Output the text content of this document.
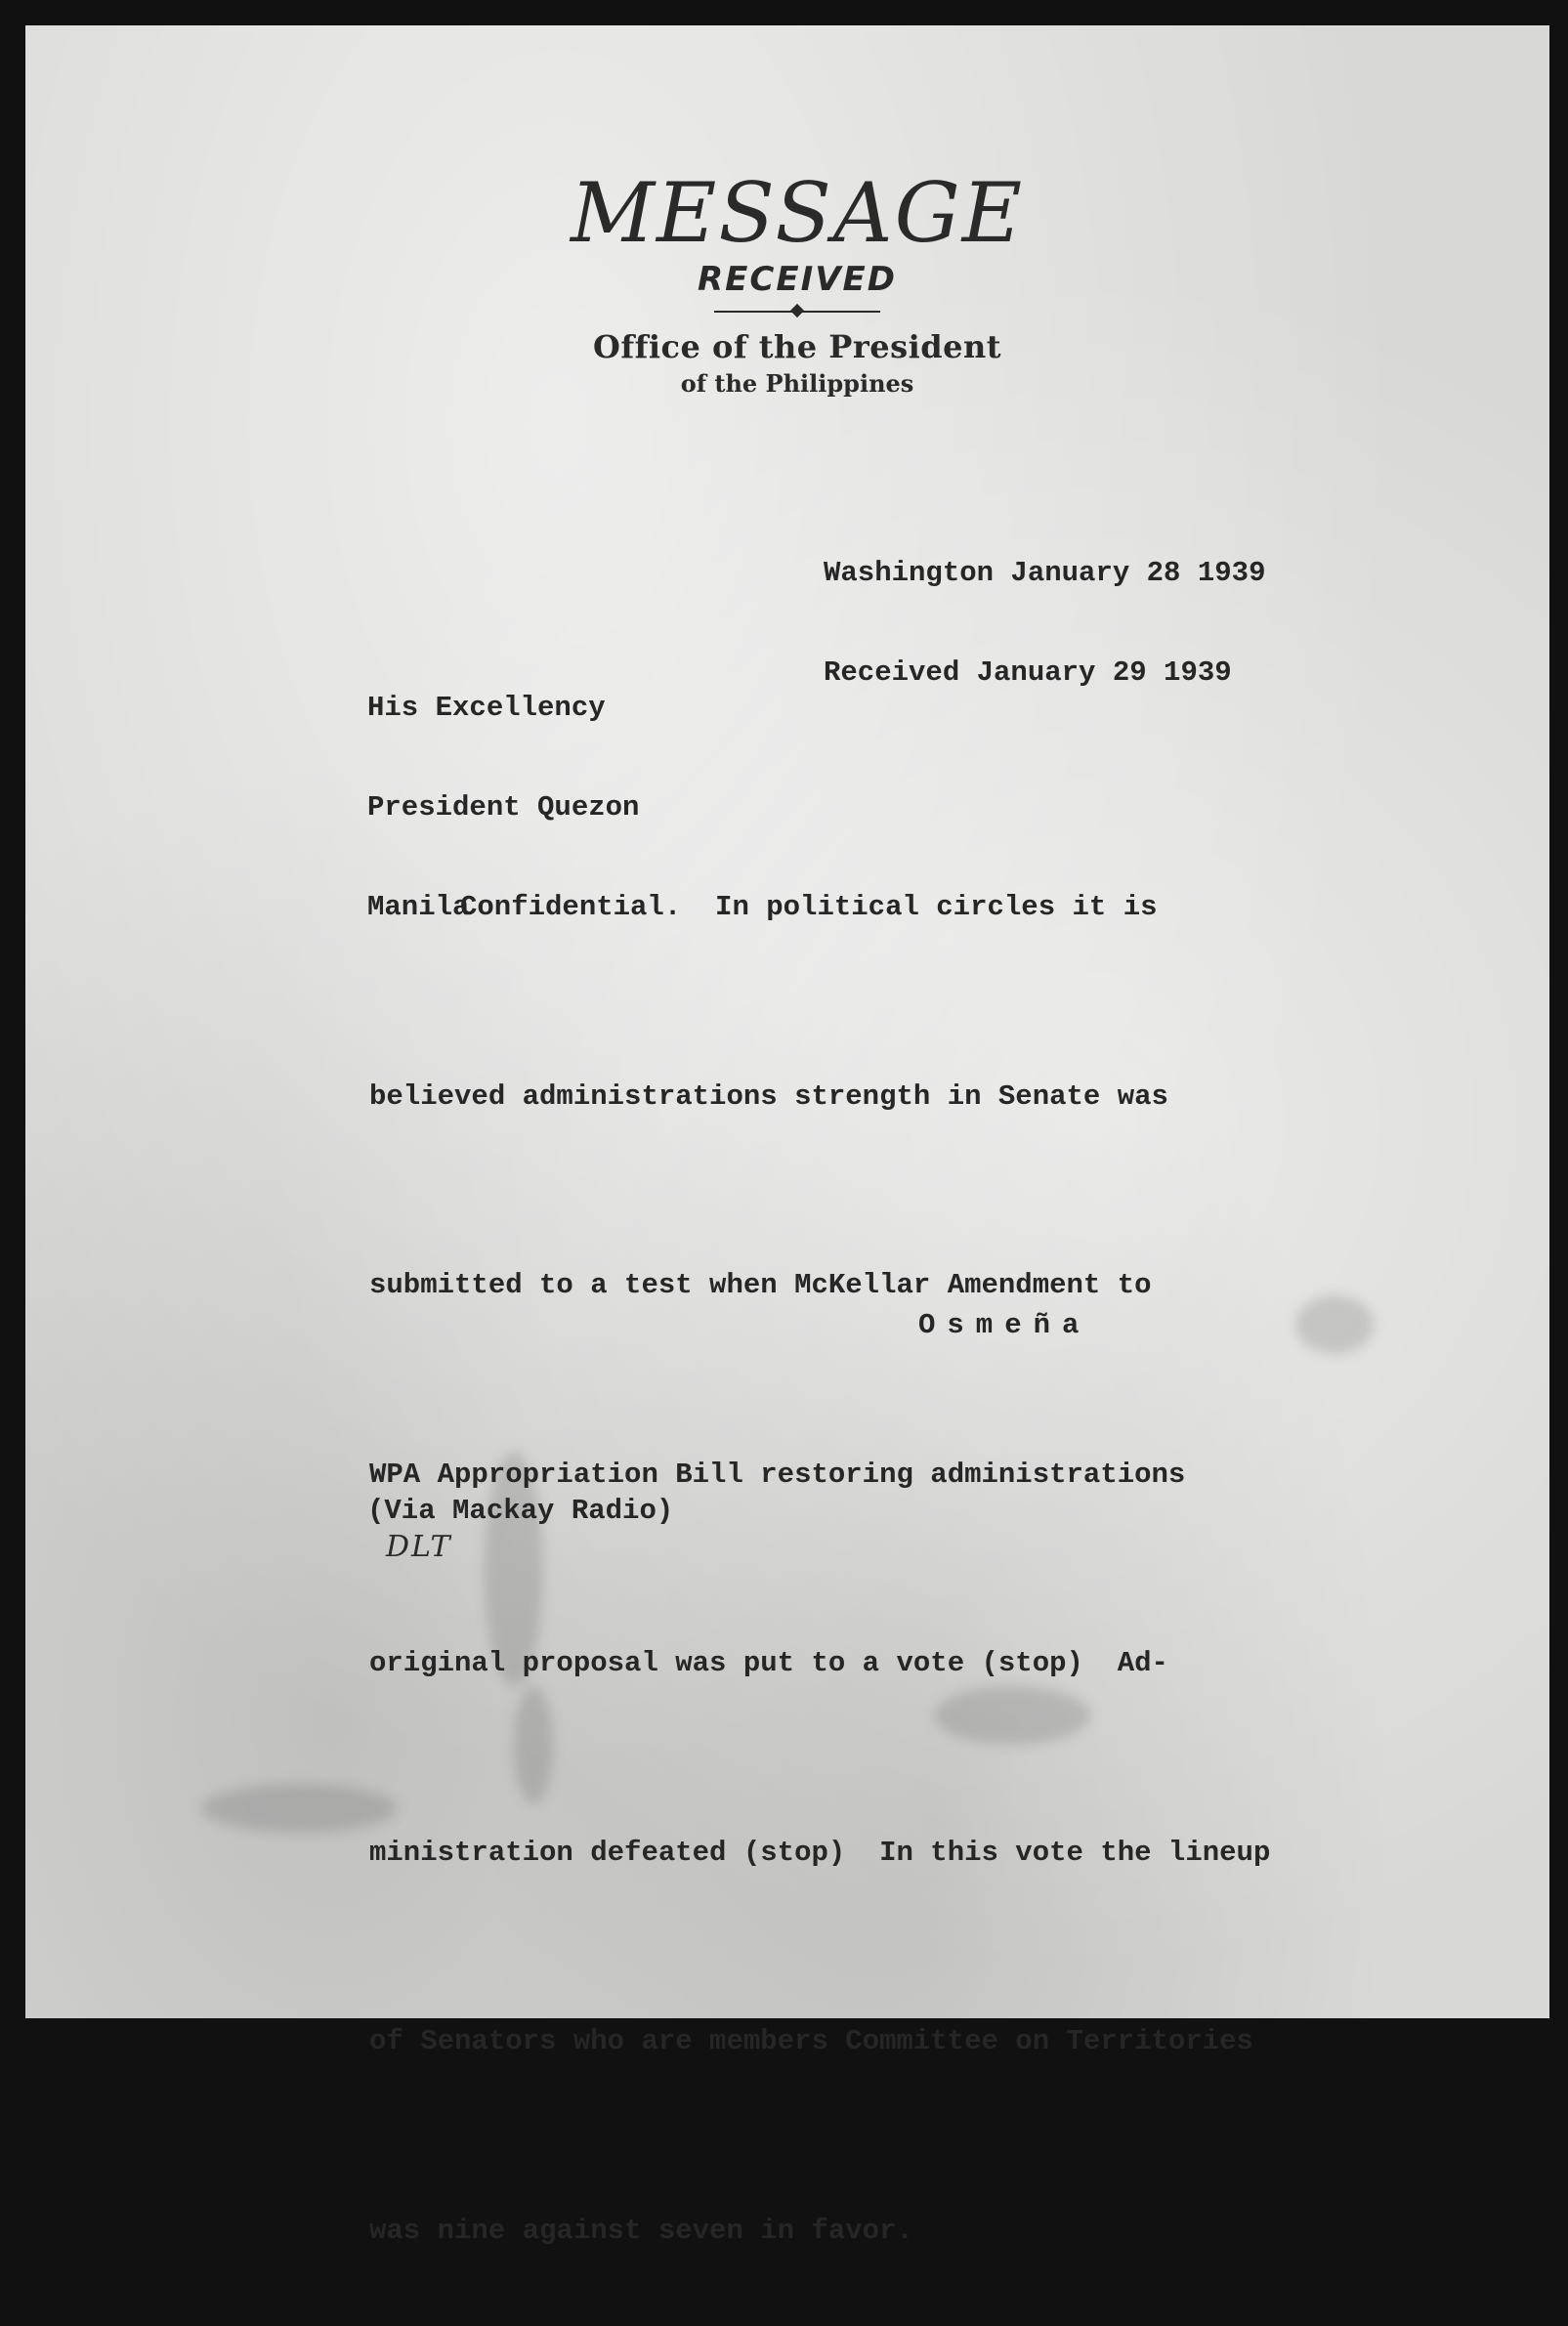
MESSAGE
RECEIVED
Office of the President
of the Philippines

Washington January 28 1939

Received January 29 1939

His Excellency

President Quezon

Manila

Confidential.  In political circles it is

believed administrations strength in Senate was

submitted to a test when McKellar Amendment to

WPA Appropriation Bill restoring administrations

original proposal was put to a vote (stop)  Ad-

ministration defeated (stop)  In this vote the lineup

of Senators who are members Committee on Territories

was nine against seven in favor.

Osmeña
(Via Mackay Radio)
DLT
